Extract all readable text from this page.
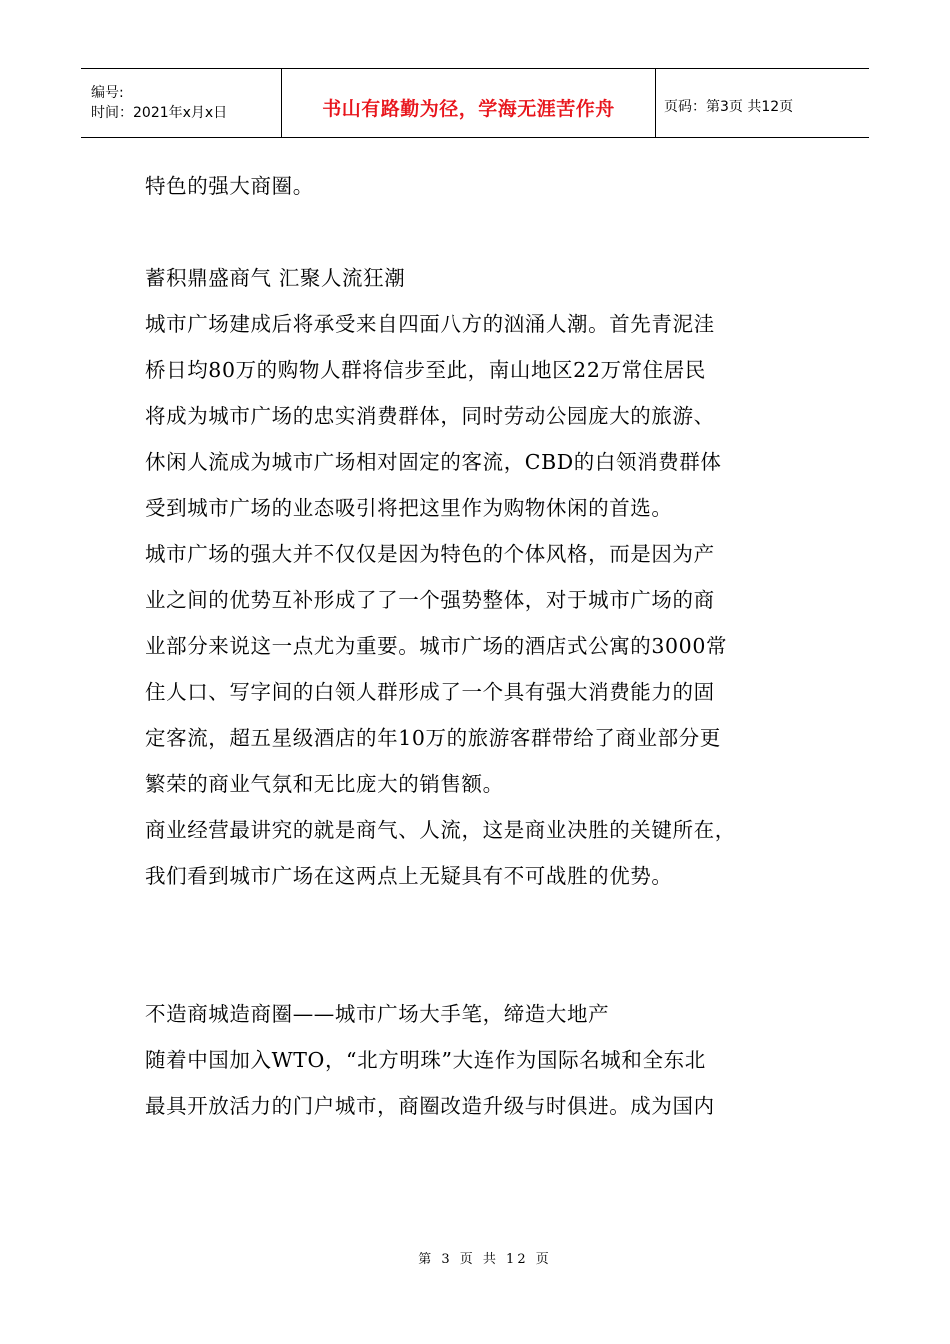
编号:
时间：2021年x月x日	书山有路勤为径，学海无涯苦作舟	页码：第3页 共12页
特色的强大商圈。
蓄积鼎盛商气 汇聚人流狂潮
城市广场建成后将承受来自四面八方的汹涌人潮。首先青泥洼
桥日均80万的购物人群将信步至此，南山地区22万常住居民
将成为城市广场的忠实消费群体，同时劳动公园庞大的旅游、
休闲人流成为城市广场相对固定的客流，CBD的白领消费群体
受到城市广场的业态吸引将把这里作为购物休闲的首选。
城市广场的强大并不仅仅是因为特色的个体风格，而是因为产
业之间的优势互补形成了了一个强势整体，对于城市广场的商
业部分来说这一点尤为重要。城市广场的酒店式公寓的3000常
住人口、写字间的白领人群形成了一个具有强大消费能力的固
定客流，超五星级酒店的年10万的旅游客群带给了商业部分更
繁荣的商业气氛和无比庞大的销售额。
商业经营最讲究的就是商气、人流，这是商业决胜的关键所在，
我们看到城市广场在这两点上无疑具有不可战胜的优势。
不造商城造商圈——城市广场大手笔，缔造大地产
随着中国加入WTO，“北方明珠”大连作为国际名城和全东北
最具开放活力的门户城市，商圈改造升级与时俱进。成为国内
第 3 页 共 12 页
